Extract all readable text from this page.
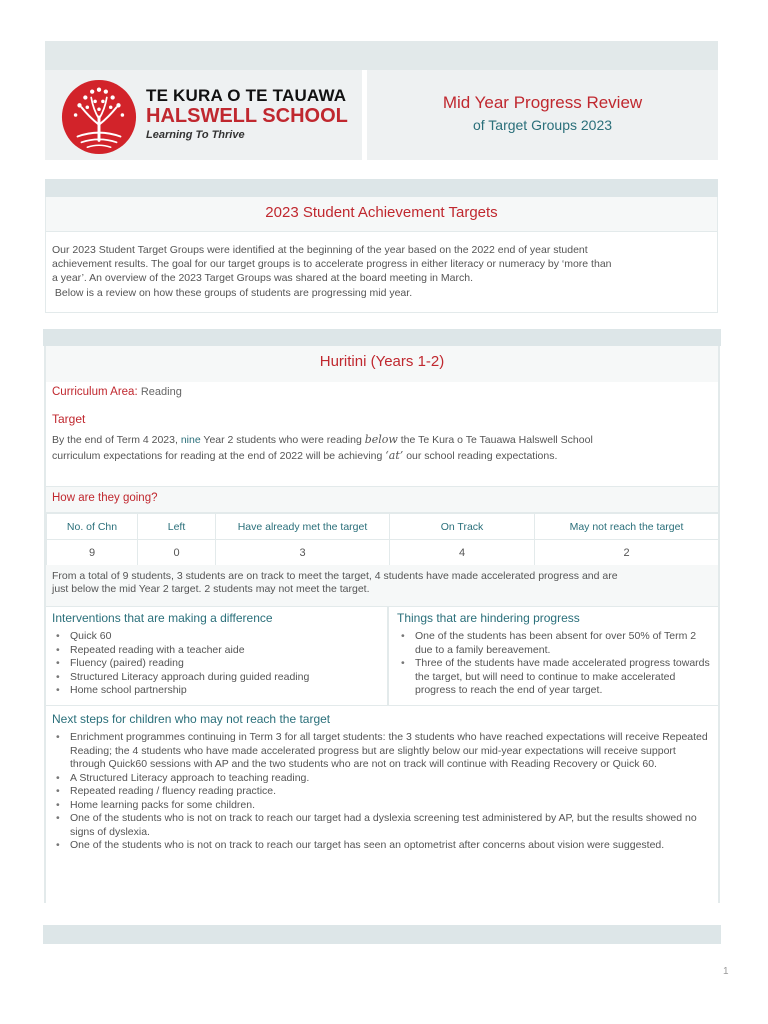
TE KURA O TE TAUAWA
HALSWELL SCHOOL
Learning To Thrive
Mid Year Progress Review
of Target Groups 2023
2023 Student Achievement Targets
Our 2023 Student Target Groups were identified at the beginning of the year based on the 2022 end of year student
achievement results. The goal for our target groups is to accelerate progress in either literacy or numeracy by ‘more than
a year’. An overview of the 2023 Target Groups was shared at the board meeting in March.
Below is a review on how these groups of students are progressing mid year.
Huritini (Years 1-2)
Curriculum Area: Reading
Target
By the end of Term 4 2023, nine Year 2 students who were reading below the Te Kura o Te Tauawa Halswell School
curriculum expectations for reading at the end of 2022 will be achieving ‘at’ our school reading expectations.
How are they going?
No. of Chn	Left	Have already met the target	On Track	May not reach the target
9	0	3	4	2
From a total of 9 students, 3 students are on track to meet the target, 4 students have made accelerated progress and are
just below the mid Year 2 target. 2 students may not meet the target.
Interventions that are making a difference
• Quick 60
• Repeated reading with a teacher aide
• Fluency (paired) reading
• Structured Literacy approach during guided reading
• Home school partnership
Things that are hindering progress
• One of the students has been absent for over 50% of Term 2 due to a family bereavement.
• Three of the students have made accelerated progress towards the target, but will need to continue to make accelerated progress to reach the end of year target.
Next steps for children who may not reach the target
• Enrichment programmes continuing in Term 3 for all target students: the 3 students who have reached expectations will receive Repeated Reading; the 4 students who have made accelerated progress but are slightly below our mid-year expectations will receive support through Quick60 sessions with AP and the two students who are not on track will continue with Reading Recovery or Quick 60.
• A Structured Literacy approach to teaching reading.
• Repeated reading / fluency reading practice.
• Home learning packs for some children.
• One of the students who is not on track to reach our target had a dyslexia screening test administered by AP, but the results showed no signs of dyslexia.
• One of the students who is not on track to reach our target has seen an optometrist after concerns about vision were suggested.
1
